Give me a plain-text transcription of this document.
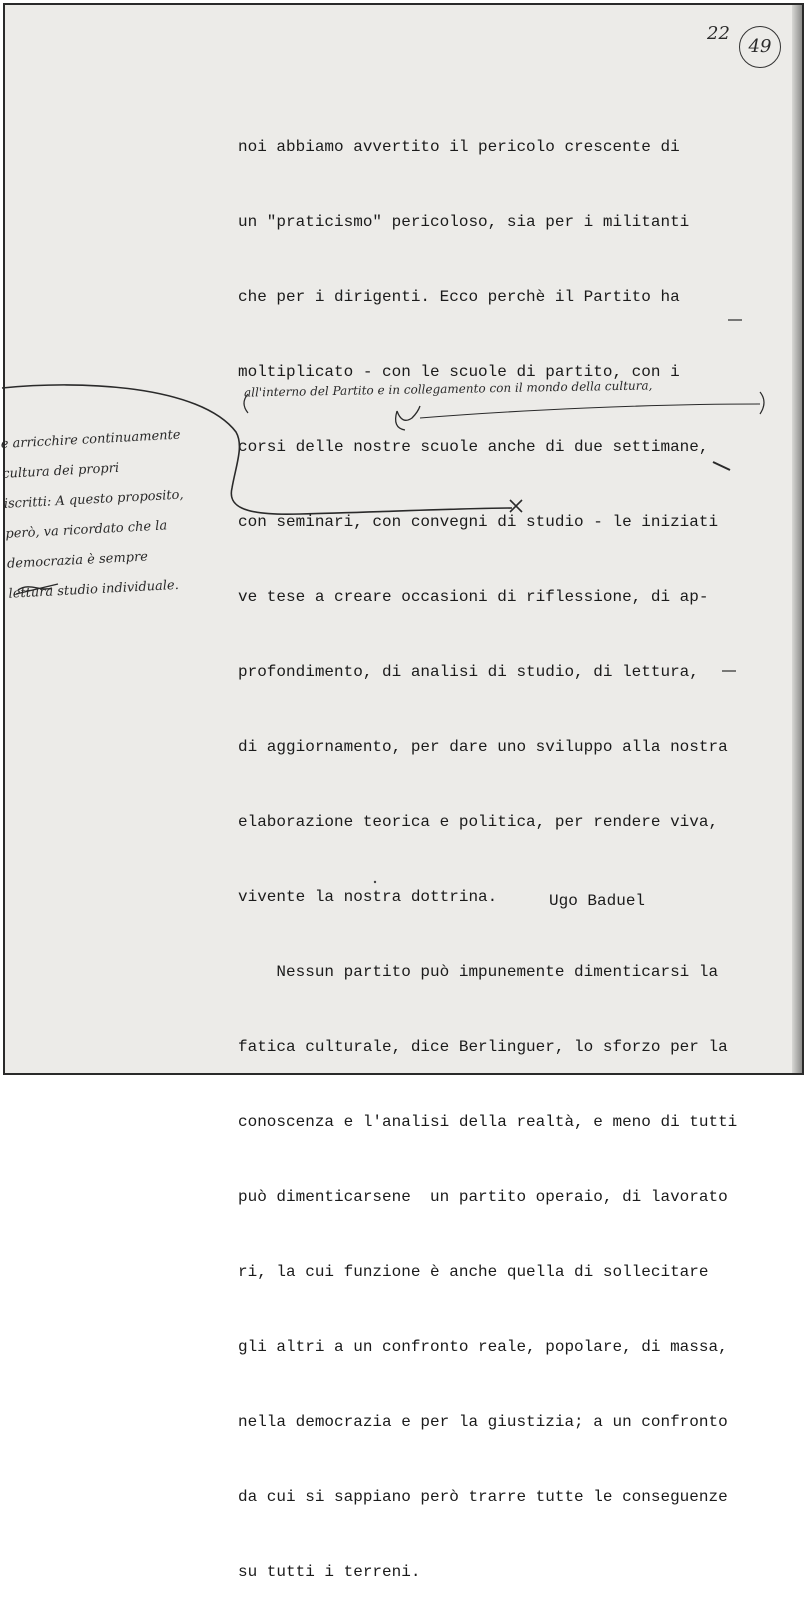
22
49

noi abbiamo avvertito il pericolo crescente di

un "praticismo" pericoloso, sia per i militanti

che per i dirigenti. Ecco perchè il Partito ha

moltiplicato - con le scuole di partito, con i

corsi delle nostre scuole anche di due settimane,

con seminari, con convegni di studio - le iniziati

ve tese a creare occasioni di riflessione, di ap-

profondimento, di analisi di studio, di lettura,

di aggiornamento, per dare uno sviluppo alla nostra

elaborazione teorica e politica, per rendere viva,

vivente la nostra dottrina.

Nessun partito può impunemente dimenticarsi la

fatica culturale, dice Berlinguer, lo sforzo per la

conoscenza e l'analisi della realtà, e meno di tutti

può dimenticarsene  un partito operaio, di lavorato

ri, la cui funzione è anche quella di sollecitare

gli altri a un confronto reale, popolare, di massa,

nella democrazia e per la giustizia; a un confronto

da cui si sappiano però trarre tutte le conseguenze

su tutti i terreni.

Ugo Baduel
all'interno del Partito e in collegamento con il mondo della cultura,
e arricchire continuamente
cultura dei propri
iscritti: A questo proposito,
però, va ricordato che la
democrazia è sempre
lettura studio individuale.
